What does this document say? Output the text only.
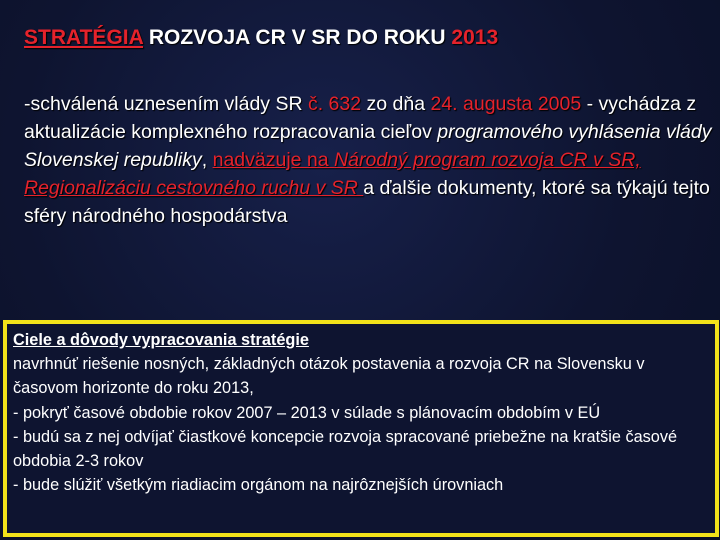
STRATÉGIA ROZVOJA CR V SR DO ROKU 2013
-schválená uznesením vlády SR č. 632 zo dňa 24. augusta 2005 - vychádza z aktualizácie komplexného rozpracovania cieľov programového vyhlásenia vlády Slovenskej republiky, nadväzuje na Národný program rozvoja CR v SR, Regionalizáciu cestovného ruchu v SR a ďalšie dokumenty, ktoré sa týkajú tejto sféry národného hospodárstva
Ciele a dôvody vypracovania stratégie
navrhnúť riešenie nosných, základných otázok postavenia a rozvoja CR na Slovensku v časovom horizonte do roku 2013,
- pokryť časové obdobie rokov 2007 – 2013 v súlade s plánovacím obdobím v EÚ
- budú sa z nej odvíjať čiastkové koncepcie rozvoja spracované priebežne na kratšie časové obdobia 2-3 rokov
- bude slúžiť všetkým riadiacim orgánom na najrôznejších úrovniach
